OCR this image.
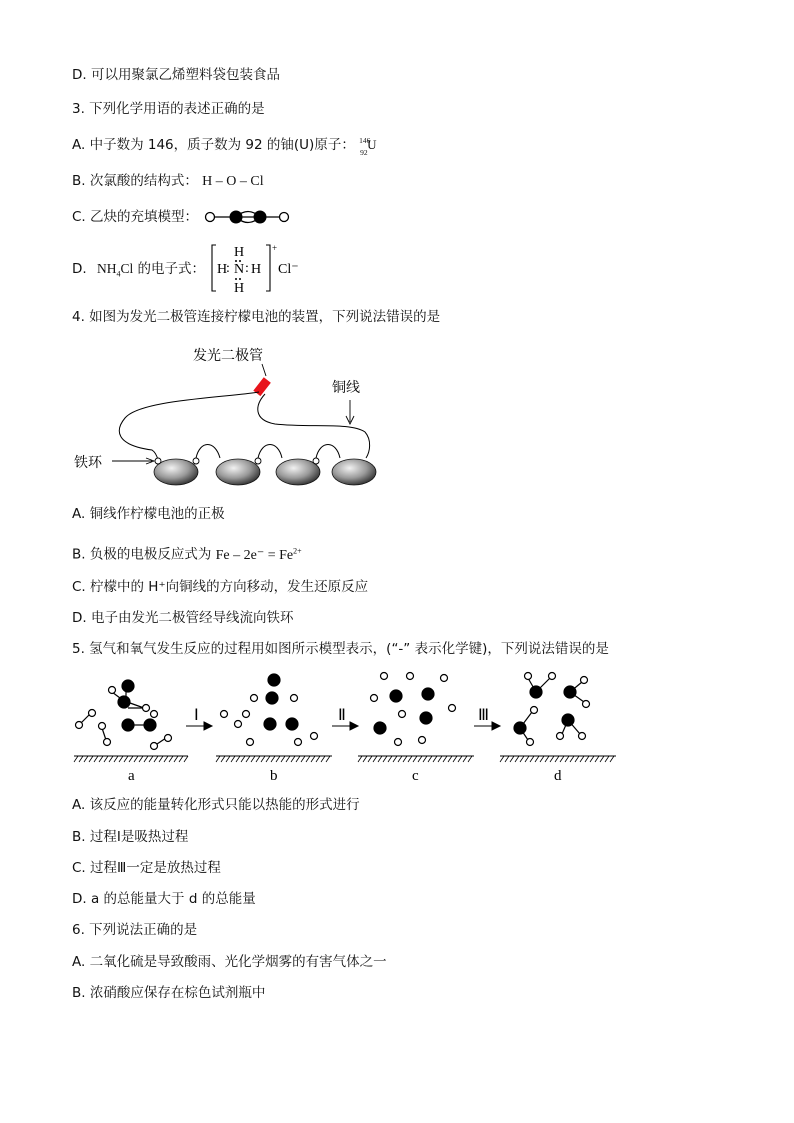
D. 可以用聚氯乙烯塑料袋包装食品
3. 下列化学用语的表述正确的是
A. 中子数为 146，质子数为 92 的铀(U)原子： 146
92
U
B. 次氯酸的结构式： H – O – Cl
C. 乙炔的充填模型：
D. $NH_4Cl$ 的电子式：
H
H
: N : H
H
+
Cl⁻
4. 如图为发光二极管连接柠檬电池的装置，下列说法错误的是
发光二极管
铜线
铁环
A. 铜线作柠檬电池的正极
B. 负极的电极反应式为 $Fe - 2e^- = Fe^{2+}$
C. 柠檬中的 H⁺向铜线的方向移动，发生还原反应
D. 电子由发光二极管经导线流向铁环
5. 氢气和氧气发生反应的过程用如图所示模型表示，(“-” 表示化学键)，下列说法错误的是
Ⅰ	Ⅱ	Ⅲ
a	b	c	d
A. 该反应的能量转化形式只能以热能的形式进行
B. 过程Ⅰ是吸热过程
C. 过程Ⅲ一定是放热过程
D. a 的总能量大于 d 的总能量
6. 下列说法正确的是
A. 二氧化硫是导致酸雨、光化学烟雾的有害气体之一
B. 浓硝酸应保存在棕色试剂瓶中
